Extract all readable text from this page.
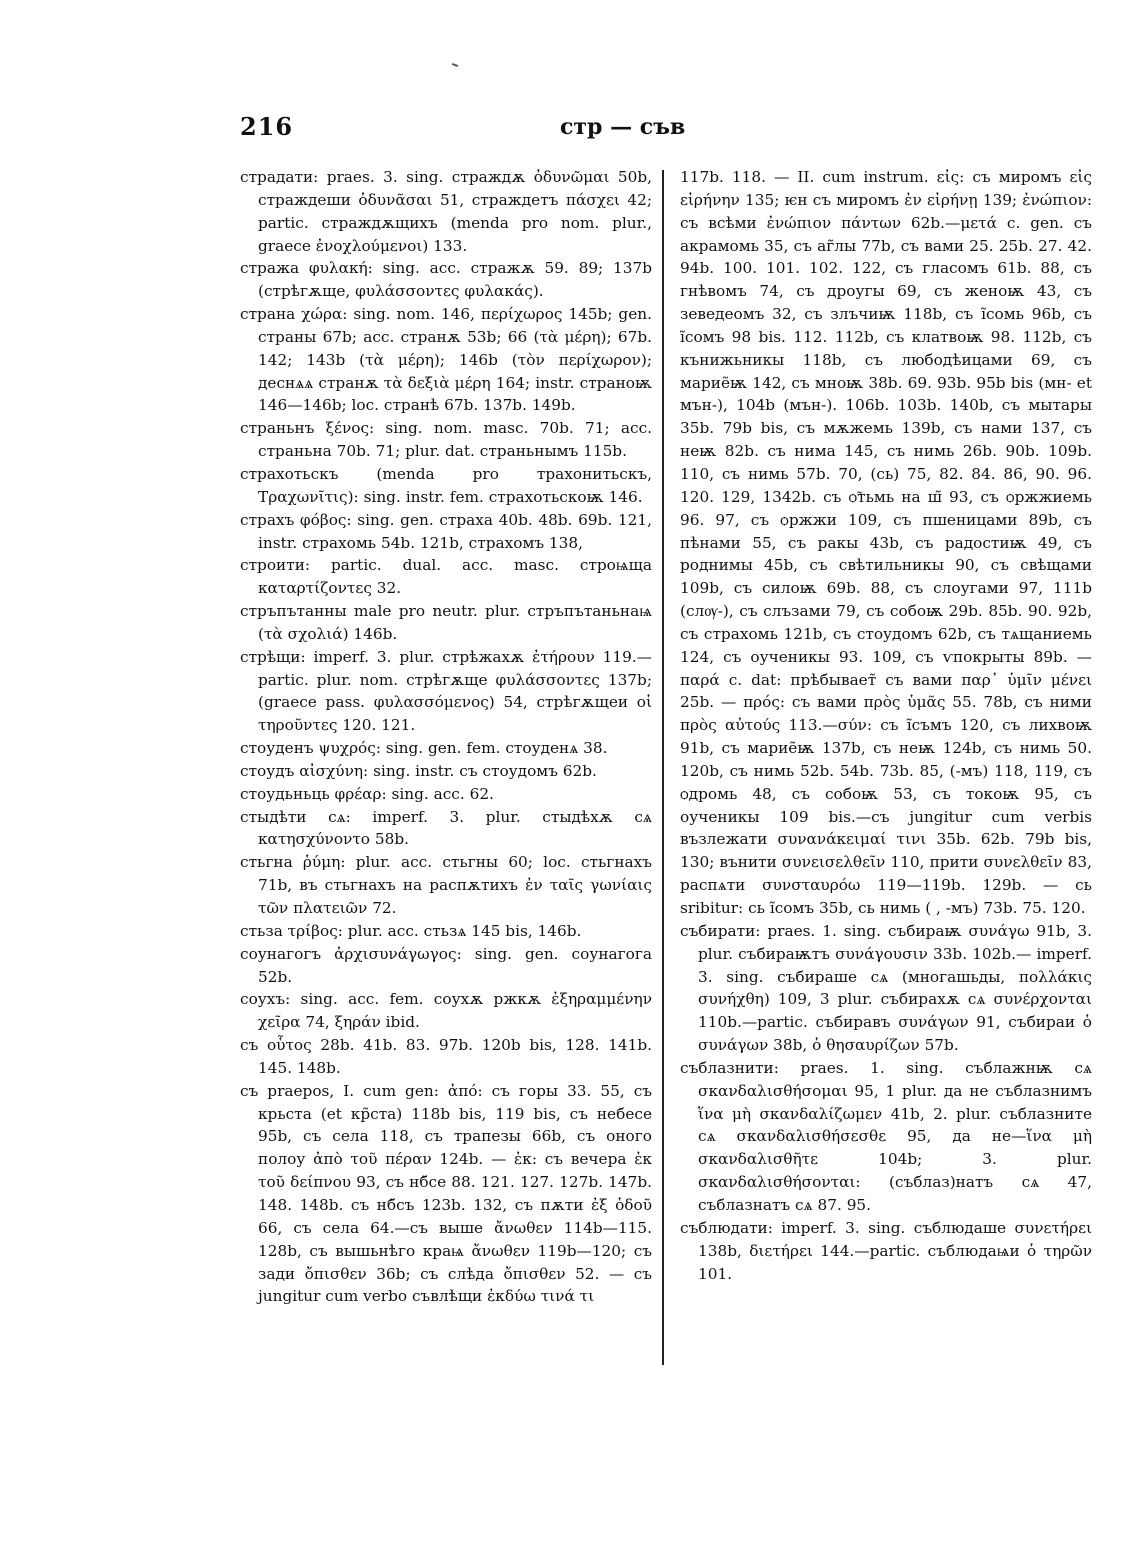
216	стр — съв

страдати: praes. 3. sing. страждѫ ὀδυνῶμαι 50b, страждеши ὀδυνᾶσαι 51, страждетъ πάσχει 42; partic. страждѫщихъ (menda pro nom. plur., graece ἐνοχλούμενοι) 133.

стража φυλακή: sing. acc. стражѫ 59. 89; 137b (стрѣгѫще, φυλάσσοντες φυλακάς).

страна χώρα: sing. nom. 146, περίχωρος 145b; gen. страны 67b; acc. странѫ 53b; 66 (τὰ μέρη); 67b. 142; 143b (τὰ μέρη); 146b (τὸν περίχωρον); деснѧѧ странѫ τὰ δεξιὰ μέρη 164; instr. страноѭ 146—146b; loc. странѣ 67b. 137b. 149b.

страньнъ ξένος: sing. nom. masc. 70b. 71; acc. страньна 70b. 71; plur. dat. страньнымъ 115b.

страхотьскъ (menda pro трахонитьскъ, Τραχωνῖτις): sing. instr. fem. страхотьскоѭ 146.

страхъ φόβος: sing. gen. страха 40b. 48b. 69b. 121, instr. страхомь 54b. 121b, страхомъ 138,

строити: partic. dual. acc. masc. строѩща καταρτίζοντες 32.

стръпътанны male pro neutr. plur. стръпътаньнаѩ (τὰ σχολιά) 146b.

стрѣщи: imperf. 3. plur. стрѣжахѫ ἐτήρουν 119.— partic. plur. nom. стрѣгѫще φυλάσσοντες 137b; (graece pass. φυλασσόμενος) 54, стрѣгѫщеи οἱ τηροῦντες 120. 121.

стоуденъ ψυχρός: sing. gen. fem. стоуденѧ 38.

стоудъ αἰσχύνη: sing. instr. съ стоудомъ 62b.

стоудьньць φρέαρ: sing. acc. 62.

стыдѣти сѧ: imperf. 3. plur. стыдѣхѫ сѧ κατησχύνοντο 58b.

стьгна ῥύμη: plur. acc. стьгны 60; loc. стьгнахъ 71b, въ стьгнахъ на распѫтихъ ἐν ταῖς γωνίαις τῶν πλατειῶν 72.

стьза τρίβος: plur. acc. стьзѧ 145 bis, 146b.

соунагогъ ἀρχισυνάγωγος: sing. gen. соунагога 52b.

соухъ: sing. acc. fem. соухѫ ржкѫ ἐξηραμμένην χεῖρα 74, ξηράν ibid.

съ οὗτος 28b. 41b. 83. 97b. 120b bis, 128. 141b. 145. 148b.

съ praepos, I. cum gen: ἀπό: съ горы 33. 55, съ крьста (et кр̃ста) 118b bis, 119 bis, съ небесе 95b, съ села 118, съ трапезы 66b, съ оного полоу ἀπὸ τοῦ πέραν 124b. — ἐκ: съ вечера ἐκ τοῦ δείπνου 93, съ нб̃се 88. 121. 127. 127b. 147b. 148. 148b. съ нб̃съ 123b. 132, съ пѫти ἐξ ὁδοῦ 66, съ села 64.—съ выше ἄνωθεν 114b—115. 128b, съ вышьнѣго краѩ ἄνωθεν 119b—120; съ зади ὄπισθεν 36b; съ слѣда ὄπισθεν 52. — съ jungitur cum verbo съвлѣщи ἐκδύω τινά τι

117b. 118. — II. cum instrum. εἰς: съ миромъ εἰς εἰρήνην 135; ѥн съ миромъ ἐν εἰρήνῃ 139; ἐνώπιον: съ всѣми ἐνώπιον πάντων 62b.—μετά c. gen. съ акрамомь 35, съ аг̃лы 77b, съ вами 25. 25b. 27. 42. 94b. 100. 101. 102. 122, съ гласомъ 61b. 88, съ гнѣвомъ 74, съ дроугы 69, съ женоѭ 43, съ зеведеомъ 32, съ злъчиѭ 118b, съ і̃сомь 96b, съ і̃сомъ 98 bis. 112. 112b, съ клатвоѭ 98. 112b, съ кънижьникы 118b, съ любодѣицами 69, съ марие̃ѭ 142, съ мноѭ 38b. 69. 93b. 95b bis (мн- et мън-), 104b (мън-). 106b. 103b. 140b, съ мытары 35b. 79b bis, съ мѫжемь 139b, съ нами 137, съ неѭ 82b. съ нима 145, съ нимь 26b. 90b. 109b. 110, съ нимь 57b. 70, (сь) 75, 82. 84. 86, 90. 96. 120. 129, 1342b. съ ѻ̃тьмь на ш̃ 93, съ ѻржжиемь 96. 97, съ ѻржжи 109, съ пшеницами 89b, съ пѣнами 55, съ ракы 43b, съ радостиѭ 49, съ роднимы 45b, съ свѣтильникы 90, съ свѣщами 109b, съ силоѭ 69b. 88, съ слоугами 97, 111b (слѹ-), съ слъзами 79, съ собоѭ 29b. 85b. 90. 92b, съ страхомь 121b, съ стоудомъ 62b, съ тѧщаниемь 124, съ оученикы 93. 109, съ ѵпокрыты 89b. — παρά c. dat: прѣбывает̃ съ вами παρ᾽ ὑμῖν μένει 25b. — πρός: съ вами πρὸς ὑμᾶς 55. 78b, съ ними πρὸς αὐτούς 113.—σύν: съ і̃съмъ 120, съ лихвоѭ 91b, съ марие̃ѭ 137b, съ неѭ 124b, съ нимь 50. 120b, съ нимь 52b. 54b. 73b. 85, (-мъ) 118, 119, съ ѻдромь 48, съ собоѭ 53, съ токоѭ 95, съ оученикы 109 bis.—съ jungitur cum verbis възлежати συνανάκειμαί τινι 35b. 62b. 79b bis, 130; вънити συνεισελθεῖν 110, прити συνελθεῖν 83, распѧти συνσταυρόω 119—119b. 129b. — сь sribitur: сь і̃сомъ 35b, сь нимь ( , -мъ) 73b. 75. 120.

събирати: praes. 1. sing. събираѭ συνάγω 91b, 3. plur. събираѭтъ συνάγουσιν 33b. 102b.— imperf. 3. sing. събираше сѧ (многашьды, πολλάκις συνήχθη) 109, 3 plur. събирахѫ сѧ συνέρχονται 110b.—partic. събиравъ συνάγων 91, събираи ὁ συνάγων 38b, ὁ θησαυρίζων 57b.

съблазнити: praes. 1. sing. съблажнѭ сѧ σκανδαλισθήσομαι 95, 1 plur. да не съблазнимъ ἵνα μὴ σκανδαλίζωμεν 41b, 2. plur. съблазните сѧ σκανδαλισθήσεσθε 95, да не—ἵνα μὴ σκανδαλισθῆτε 104b; 3. plur. σκανδαλισθήσονται: (съблаз)натъ сѧ 47, съблазнатъ сѧ 87. 95.

съблюдати: imperf. 3. sing. съблюдаше συνετήρει 138b, διετήρει 144.—partic. съблюдаѩи ὁ τηρῶν 101.
